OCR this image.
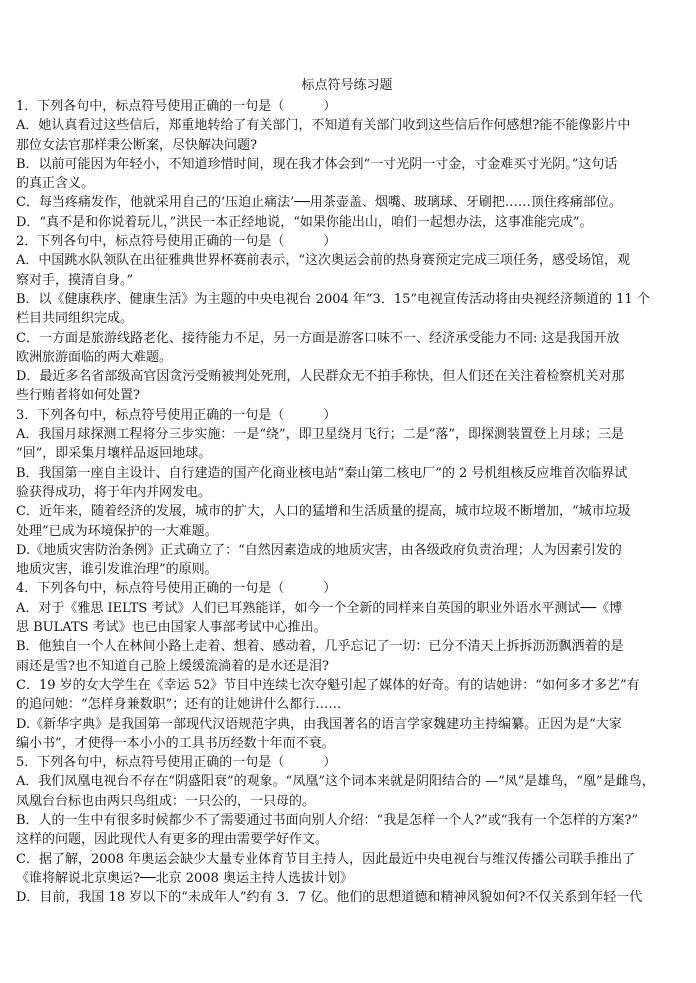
标点符号练习题
1．下列各句中，标点符号使用正确的一句是（　　　）
A．她认真看过这些信后，郑重地转给了有关部门，不知道有关部门收到这些信后作何感想?能不能像影片中
那位女法官那样秉公断案，尽快解决问题?
B．以前可能因为年轻小，不知道珍惜时间，现在我才体会到“一寸光阴一寸金，寸金难买寸光阴。”这句话
的真正含义。
C．每当疼痛发作，他就采用自己的‘压迫止痛法’──用茶壶盖、烟嘴、玻璃球、牙刷把……顶住疼痛部位。
D．“真不是和你说着玩儿，”洪民一本正经地说，“如果你能出山，咱们一起想办法，这事准能完成”。
2．下列各句中，标点符号使用正确的一句是（　　　）
A．中国跳水队领队在出征雅典世界杯赛前表示，“这次奥运会前的热身赛预定完成三项任务，感受场馆，观
察对手，摸清自身。”
B．以《健康秩序、健康生活》为主题的中央电视台 2004 年“3．15”电视宣传活动将由央视经济频道的 11 个
栏目共同组织完成。
C．一方面是旅游线路老化、接待能力不足，另一方面是游客口味不一、经济承受能力不同: 这是我国开放
欧洲旅游面临的两大难题。
D．最近多名省部级高官因贪污受贿被判处死刑，人民群众无不拍手称快，但人们还在关注着检察机关对那
些行贿者将如何处置?
3．下列各句中，标点符号使用正确的一句是（　　　）
A．我国月球探测工程将分三步实施：一是“绕”，即卫星绕月飞行；二是“落”，即探测装置登上月球；三是
“回”，即采集月壤样品返回地球。
B．我国第一座自主设计、自行建造的国产化商业核电站“秦山第二核电厂”的 2 号机组核反应堆首次临界试
验获得成功，将于年内并网发电。
C．近年来，随着经济的发展，城市的扩大，人口的猛增和生活质量的提高，城市垃圾不断增加，“城市垃圾
处理”已成为环境保护的一大难题。
D.《地质灾害防治条例》正式确立了：“自然因素造成的地质灾害，由各级政府负责治理；人为因素引发的
地质灾害，谁引发谁治理”的原则。
4．下列各句中，标点符号使用正确的一句是（　　　）
A．对于《雅思 IELTS 考试》人们已耳熟能详，如今一个全新的同样来自英国的职业外语水平测试──《博
思 BULATS 考试》也已由国家人事部考试中心推出。
B．他独自一个人在林间小路上走着、想着、感动着，几乎忘记了一切：已分不清天上拆拆沥沥飘洒着的是
雨还是雪?也不知道自己脸上缓缓流淌着的是水还是泪?
C．19 岁的女大学生在《幸运 52》节目中连续七次夺魁引起了媒体的好奇。有的诘她讲：“如何多才多艺”有
的追问她：“怎样身兼数职”；还有的让她讲什么都行……
D.《新华字典》是我国第一部现代汉语规范字典，由我国著名的语言学家魏建功主持编纂。正因为是“大家
编小书”，才使得一本小小的工具书历经数十年而不衰。
5．下列各句中，标点符号使用正确的一句是（　　　）
A．我们凤凰电视台不存在“阴盛阳衰”的观象。“凤凰”这个词本来就是阴阳结合的 —“凤”是雄鸟，“凰”是雌鸟，
凤凰台台标也由两只鸟组成：一只公的，一只母的。
B．人的一生中有很多时候都少不了需要通过书面向别人介绍：“我是怎样一个人?”或“我有一个怎样的方案?”
这样的问题，因此现代人有更多的理由需要学好作文。
C．据了解，2008 年奥运会缺少大量专业体育节目主持人，因此最近中央电视台与维汉传播公司联手推出了
《谁将解说北京奥运?──北京 2008 奥运主持人选拔计划》
D．目前，我国 18 岁以下的“未成年人”约有 3．7 亿。他们的思想道德和精神风貌如何?不仅关系到年轻一代
